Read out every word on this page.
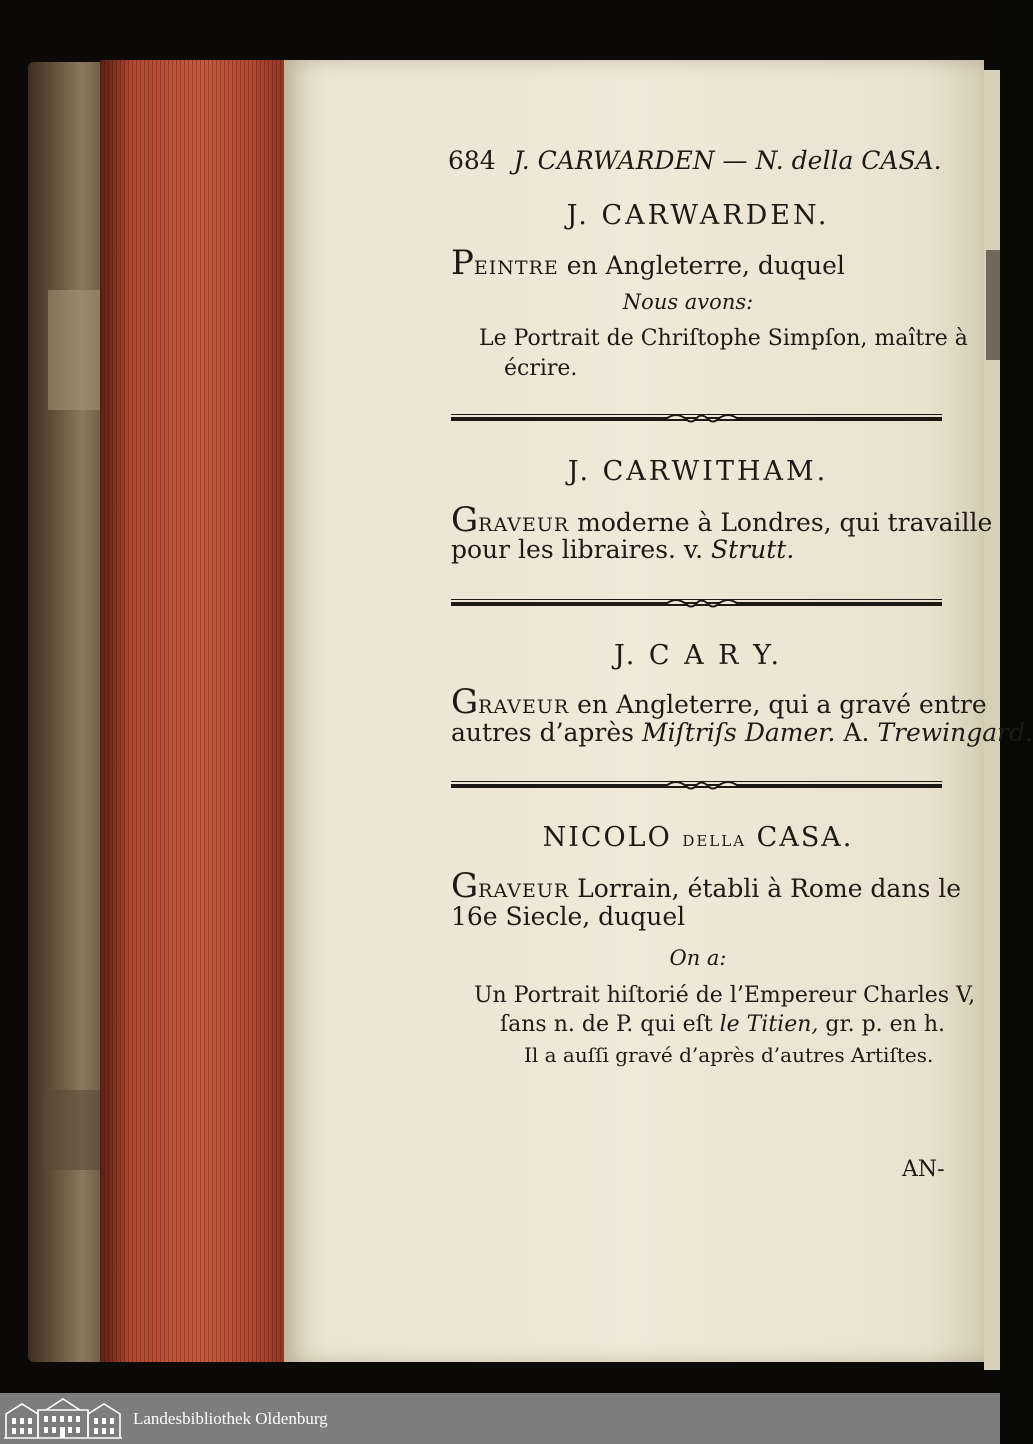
684 J. CARWARDEN — N. della CASA.
J. CARWARDEN.
PEINTRE en Angleterre, duquel
Nous avons:
Le Portrait de Chriſtophe Simpſon, maître à
écrire.
J. CARWITHAM.
GRAVEUR moderne à Londres, qui travaille
pour les libraires. v. Strutt.
J. C A R Y.
GRAVEUR en Angleterre, qui a gravé entre
autres d’après Miſtriſs Damer. A. Trewingard.
NICOLO DELLA CASA.
GRAVEUR Lorrain, établi à Rome dans le
16e Siecle, duquel
On a:
Un Portrait hiſtorié de l’Empereur Charles V,
ſans n. de P. qui eſt le Titien, gr. p. en h.
Il a auſſi gravé d’après d’autres Artiſtes.
AN-
Landesbibliothek Oldenburg
